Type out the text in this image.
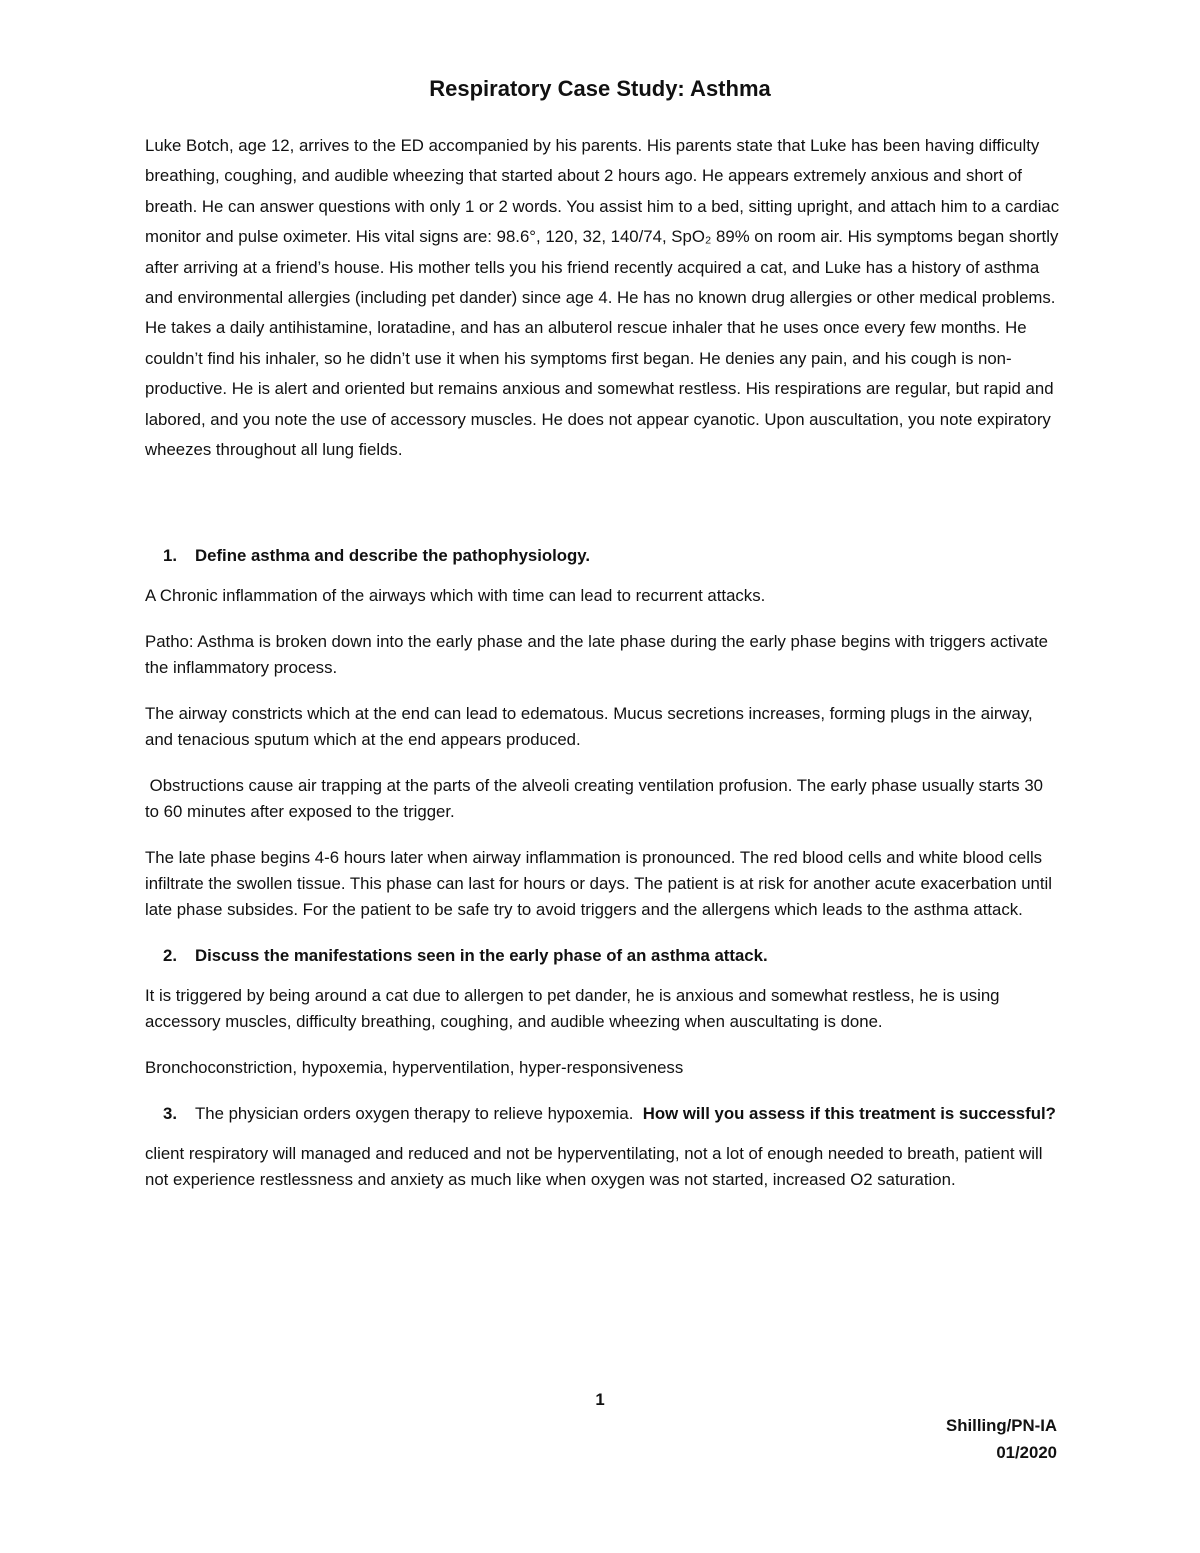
Respiratory Case Study: Asthma

Luke Botch, age 12, arrives to the ED accompanied by his parents. His parents state that Luke has been having difficulty breathing, coughing, and audible wheezing that started about 2 hours ago. He appears extremely anxious and short of breath. He can answer questions with only 1 or 2 words. You assist him to a bed, sitting upright, and attach him to a cardiac monitor and pulse oximeter. His vital signs are: 98.6°, 120, 32, 140/74, SpO₂ 89% on room air. His symptoms began shortly after arriving at a friend’s house. His mother tells you his friend recently acquired a cat, and Luke has a history of asthma and environmental allergies (including pet dander) since age 4. He has no known drug allergies or other medical problems. He takes a daily antihistamine, loratadine, and has an albuterol rescue inhaler that he uses once every few months. He couldn’t find his inhaler, so he didn’t use it when his symptoms first began. He denies any pain, and his cough is non-productive. He is alert and oriented but remains anxious and somewhat restless. His respirations are regular, but rapid and labored, and you note the use of accessory muscles. He does not appear cyanotic. Upon auscultation, you note expiratory wheezes throughout all lung fields.

1.	Define asthma and describe the pathophysiology.

A Chronic inflammation of the airways which with time can lead to recurrent attacks.

Patho: Asthma is broken down into the early phase and the late phase during the early phase begins with triggers activate the inflammatory process.

The airway constricts which at the end can lead to edematous. Mucus secretions increases, forming plugs in the airway, and tenacious sputum which at the end appears produced.

Obstructions cause air trapping at the parts of the alveoli creating ventilation profusion. The early phase usually starts 30 to 60 minutes after exposed to the trigger.

The late phase begins 4-6 hours later when airway inflammation is pronounced. The red blood cells and white blood cells infiltrate the swollen tissue. This phase can last for hours or days. The patient is at risk for another acute exacerbation until late phase subsides. For the patient to be safe try to avoid triggers and the allergens which leads to the asthma attack.

2.	Discuss the manifestations seen in the early phase of an asthma attack.

It is triggered by being around a cat due to allergen to pet dander, he is anxious and somewhat restless, he is using accessory muscles, difficulty breathing, coughing, and audible wheezing when auscultating is done.

Bronchoconstriction, hypoxemia, hyperventilation, hyper-responsiveness

3.	The physician orders oxygen therapy to relieve hypoxemia.  How will you assess if this treatment is successful?

client respiratory will managed and reduced and not be hyperventilating, not a lot of enough needed to breath, patient will not experience restlessness and anxiety as much like when oxygen was not started, increased O2 saturation.

1
Shilling/PN-IA
01/2020
